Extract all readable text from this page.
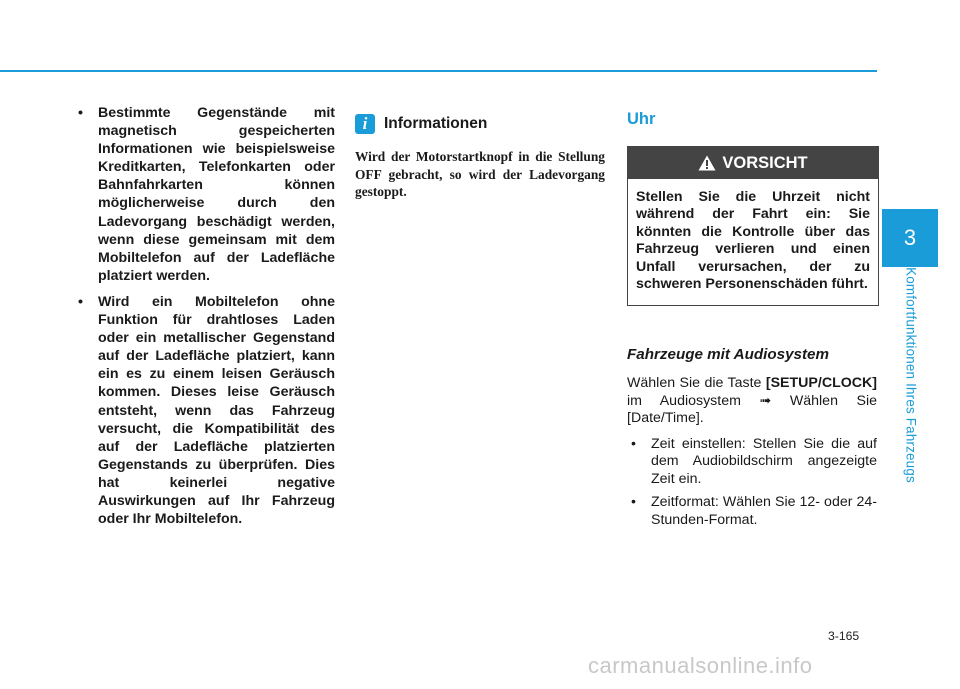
• Bestimmte Gegenstände mit magnetisch gespeicherten Informationen wie beispielsweise Kreditkarten, Telefonkarten oder Bahnfahrkarten können möglicherweise durch den Ladevorgang beschädigt werden, wenn diese gemeinsam mit dem Mobiltelefon auf der Ladefläche platziert werden.
• Wird ein Mobiltelefon ohne Funktion für drahtloses Laden oder ein metallischer Gegenstand auf der Ladefläche platziert, kann ein es zu einem leisen Geräusch kommen. Dieses leise Geräusch entsteht, wenn das Fahrzeug versucht, die Kompatibilität des auf der Ladefläche platzierten Gegenstands zu überprüfen. Dies hat keinerlei negative Auswirkungen auf Ihr Fahrzeug oder Ihr Mobiltelefon.
i	Informationen
Wird der Motorstartknopf in die Stellung OFF gebracht, so wird der Ladevorgang gestoppt.
Uhr
VORSICHT
Stellen Sie die Uhrzeit nicht während der Fahrt ein: Sie könnten die Kontrolle über das Fahrzeug verlieren und einen Unfall verursachen, der zu schweren Personenschäden führt.
Fahrzeuge mit Audiosystem
Wählen Sie die Taste [SETUP/CLOCK] im Audiosystem ➟ Wählen Sie [Date/Time].
• Zeit einstellen: Stellen Sie die auf dem Audiobildschirm angezeigte Zeit ein.
• Zeitformat: Wählen Sie 12- oder 24-Stunden-Format.
3
Komfortfunktionen Ihres Fahrzeugs
3-165
carmanualsonline.info
